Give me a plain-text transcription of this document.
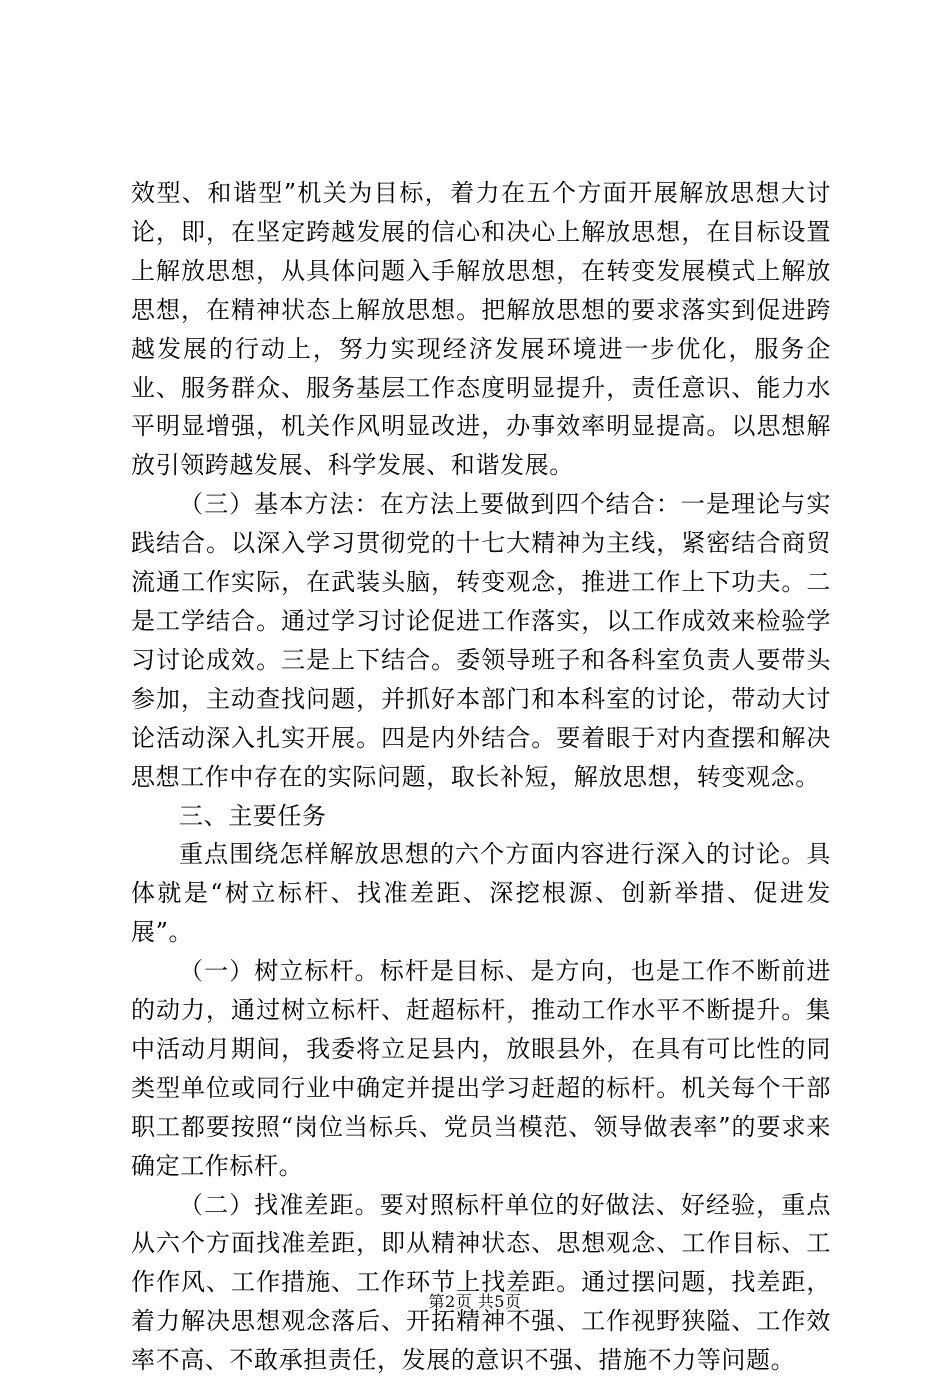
效型、和谐型”机关为目标，着力在五个方面开展解放思想大讨论，即，在坚定跨越发展的信心和决心上解放思想，在目标设置上解放思想，从具体问题入手解放思想，在转变发展模式上解放思想，在精神状态上解放思想。把解放思想的要求落实到促进跨越发展的行动上，努力实现经济发展环境进一步优化，服务企业、服务群众、服务基层工作态度明显提升，责任意识、能力水平明显增强，机关作风明显改进，办事效率明显提高。以思想解放引领跨越发展、科学发展、和谐发展。

（三）基本方法：在方法上要做到四个结合：一是理论与实践结合。以深入学习贯彻党的十七大精神为主线，紧密结合商贸流通工作实际，在武装头脑，转变观念，推进工作上下功夫。二是工学结合。通过学习讨论促进工作落实，以工作成效来检验学习讨论成效。三是上下结合。委领导班子和各科室负责人要带头参加，主动查找问题，并抓好本部门和本科室的讨论，带动大讨论活动深入扎实开展。四是内外结合。要着眼于对内查摆和解决思想工作中存在的实际问题，取长补短，解放思想，转变观念。

三、主要任务

重点围绕怎样解放思想的六个方面内容进行深入的讨论。具体就是“树立标杆、找准差距、深挖根源、创新举措、促进发展”。

（一）树立标杆。标杆是目标、是方向，也是工作不断前进的动力，通过树立标杆、赶超标杆，推动工作水平不断提升。集中活动月期间，我委将立足县内，放眼县外，在具有可比性的同类型单位或同行业中确定并提出学习赶超的标杆。机关每个干部职工都要按照“岗位当标兵、党员当模范、领导做表率”的要求来确定工作标杆。

（二）找准差距。要对照标杆单位的好做法、好经验，重点从六个方面找准差距，即从精神状态、思想观念、工作目标、工作作风、工作措施、工作环节上找差距。通过摆问题，找差距，着力解决思想观念落后、开拓精神不强、工作视野狭隘、工作效率不高、不敢承担责任，发展的意识不强、措施不力等问题。

第2页 共5页
